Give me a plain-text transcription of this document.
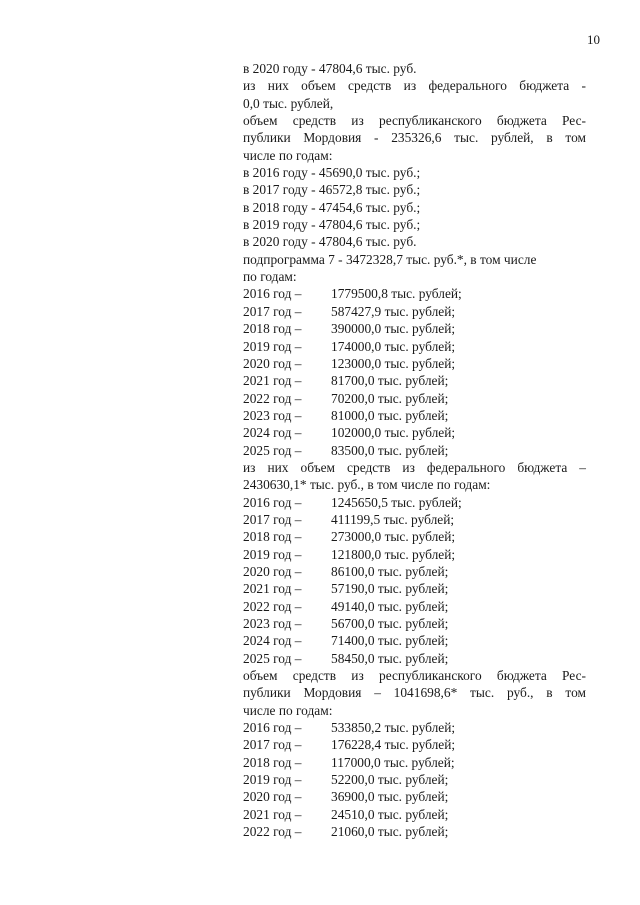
10
в 2020 году - 47804,6 тыс. руб.
из них объем средств из федерального бюджета -
0,0 тыс. рублей,
объем средств из республиканского бюджета Рес-
публики Мордовия - 235326,6 тыс. рублей, в том
числе по годам:
в 2016 году - 45690,0 тыс. руб.;
в 2017 году - 46572,8 тыс. руб.;
в 2018 году - 47454,6 тыс. руб.;
в 2019 году - 47804,6 тыс. руб.;
в 2020 году - 47804,6 тыс. руб.
подпрограмма 7 - 3472328,7 тыс. руб.*, в том числе
по годам:
2016 год – 1779500,8 тыс. рублей;
2017 год – 587427,9 тыс. рублей;
2018 год – 390000,0 тыс. рублей;
2019 год – 174000,0 тыс. рублей;
2020 год – 123000,0 тыс. рублей;
2021 год – 81700,0 тыс. рублей;
2022 год – 70200,0 тыс. рублей;
2023 год – 81000,0 тыс. рублей;
2024 год – 102000,0 тыс. рублей;
2025 год – 83500,0 тыс. рублей;
из них объем средств из федерального бюджета –
2430630,1* тыс. руб., в том числе по годам:
2016 год – 1245650,5 тыс. рублей;
2017 год – 411199,5 тыс. рублей;
2018 год – 273000,0 тыс. рублей;
2019 год – 121800,0 тыс. рублей;
2020 год – 86100,0 тыс. рублей;
2021 год – 57190,0 тыс. рублей;
2022 год – 49140,0 тыс. рублей;
2023 год – 56700,0 тыс. рублей;
2024 год – 71400,0 тыс. рублей;
2025 год – 58450,0 тыс. рублей;
объем средств из республиканского бюджета Рес-
публики Мордовия – 1041698,6* тыс. руб., в том
числе по годам:
2016 год – 533850,2 тыс. рублей;
2017 год – 176228,4 тыс. рублей;
2018 год – 117000,0 тыс. рублей;
2019 год – 52200,0 тыс. рублей;
2020 год – 36900,0 тыс. рублей;
2021 год – 24510,0 тыс. рублей;
2022 год – 21060,0 тыс. рублей;
